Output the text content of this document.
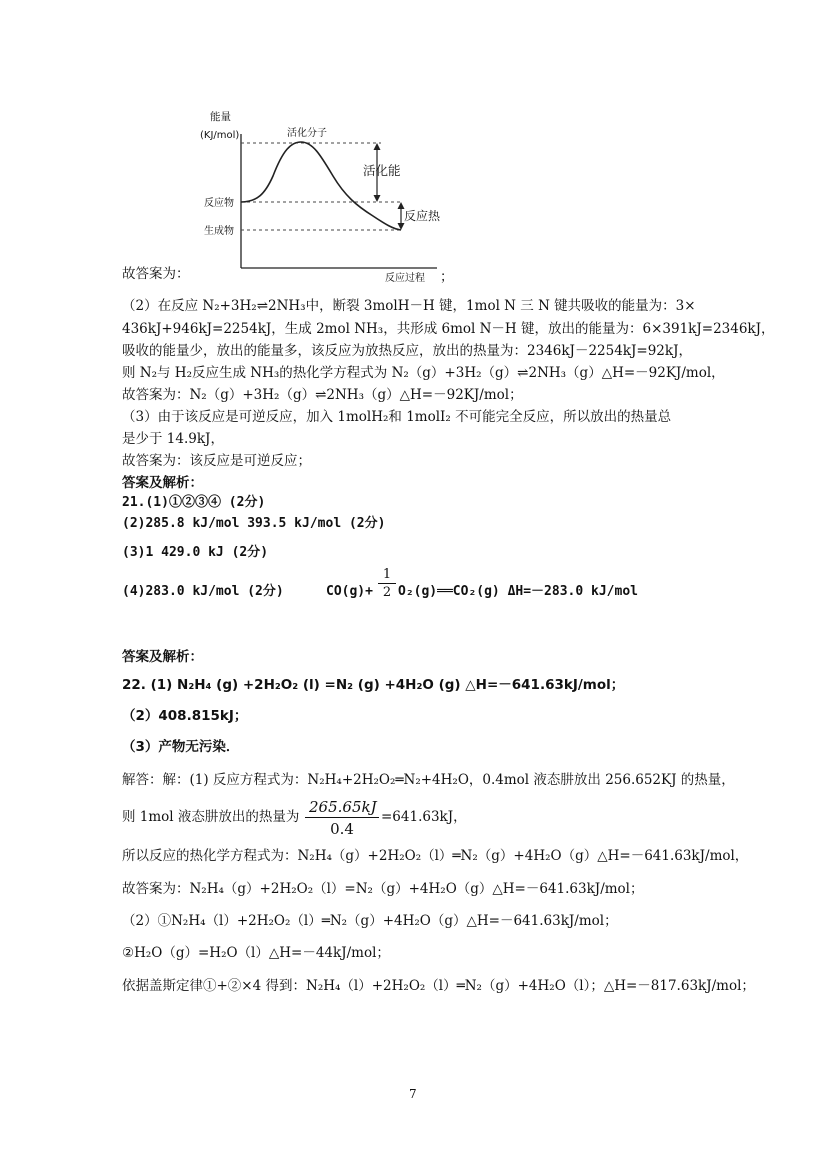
能量
(KJ/mol)	活化分子
反应物
生成物
活化能
反应热
反应过程
故答案为：	；
（2）在反应 N₂+3H₂⇌2NH₃中，断裂 3molH－H 键，1mol N 三 N 键共吸收的能量为：3×
436kJ+946kJ=2254kJ，生成 2mol NH₃，共形成 6mol N－H 键，放出的能量为：6×391kJ=2346kJ，
吸收的能量少，放出的能量多，该反应为放热反应，放出的热量为：2346kJ－2254kJ=92kJ，
则 N₂与 H₂反应生成 NH₃的热化学方程式为 N₂（g）+3H₂（g）⇌2NH₃（g）△H=－92KJ/mol，
故答案为：N₂（g）+3H₂（g）⇌2NH₃（g）△H=－92KJ/mol；
（3）由于该反应是可逆反应，加入 1molH₂和 1molI₂ 不可能完全反应，所以放出的热量总
是少于 14.9kJ，
故答案为：该反应是可逆反应；
答案及解析：
21.(1)①②③④ (2分)
(2)285.8 kJ/mol 393.5 kJ/mol (2分)
(3)1 429.0 kJ (2分)
(4)283.0 kJ/mol (2分)	$CO(g)+ \frac{1}{2}$ O₂(g)══CO₂(g) ΔH=－283.0 kJ/mol
答案及解析：
22. (1) N₂H₄ (g) +2H₂O₂ (l) =N₂ (g) +4H₂O (g) △H=－641.63kJ/mol；
（2）408.815kJ；
（3）产物无污染．
解答：解：(1) 反应方程式为：N₂H₄+2H₂O₂═N₂+4H₂O，0.4mol 液态肼放出 256.652KJ 的热量，
则 1mol 液态肼放出的热量为 $\frac{265.65kJ}{0.4} =641.63kJ$，
所以反应的热化学方程式为：N₂H₄（g）+2H₂O₂（l）═N₂（g）+4H₂O（g）△H=－641.63kJ/mol，
故答案为：N₂H₄（g）+2H₂O₂（l）=N₂（g）+4H₂O（g）△H=－641.63kJ/mol；
（2）①N₂H₄（l）+2H₂O₂（l）═N₂（g）+4H₂O（g）△H=－641.63kJ/mol；
②H₂O（g）=H₂O（l）△H=－44kJ/mol；
依据盖斯定律①+②×4 得到：N₂H₄（l）+2H₂O₂（l）═N₂（g）+4H₂O（l）；△H=－817.63kJ/mol；
7
